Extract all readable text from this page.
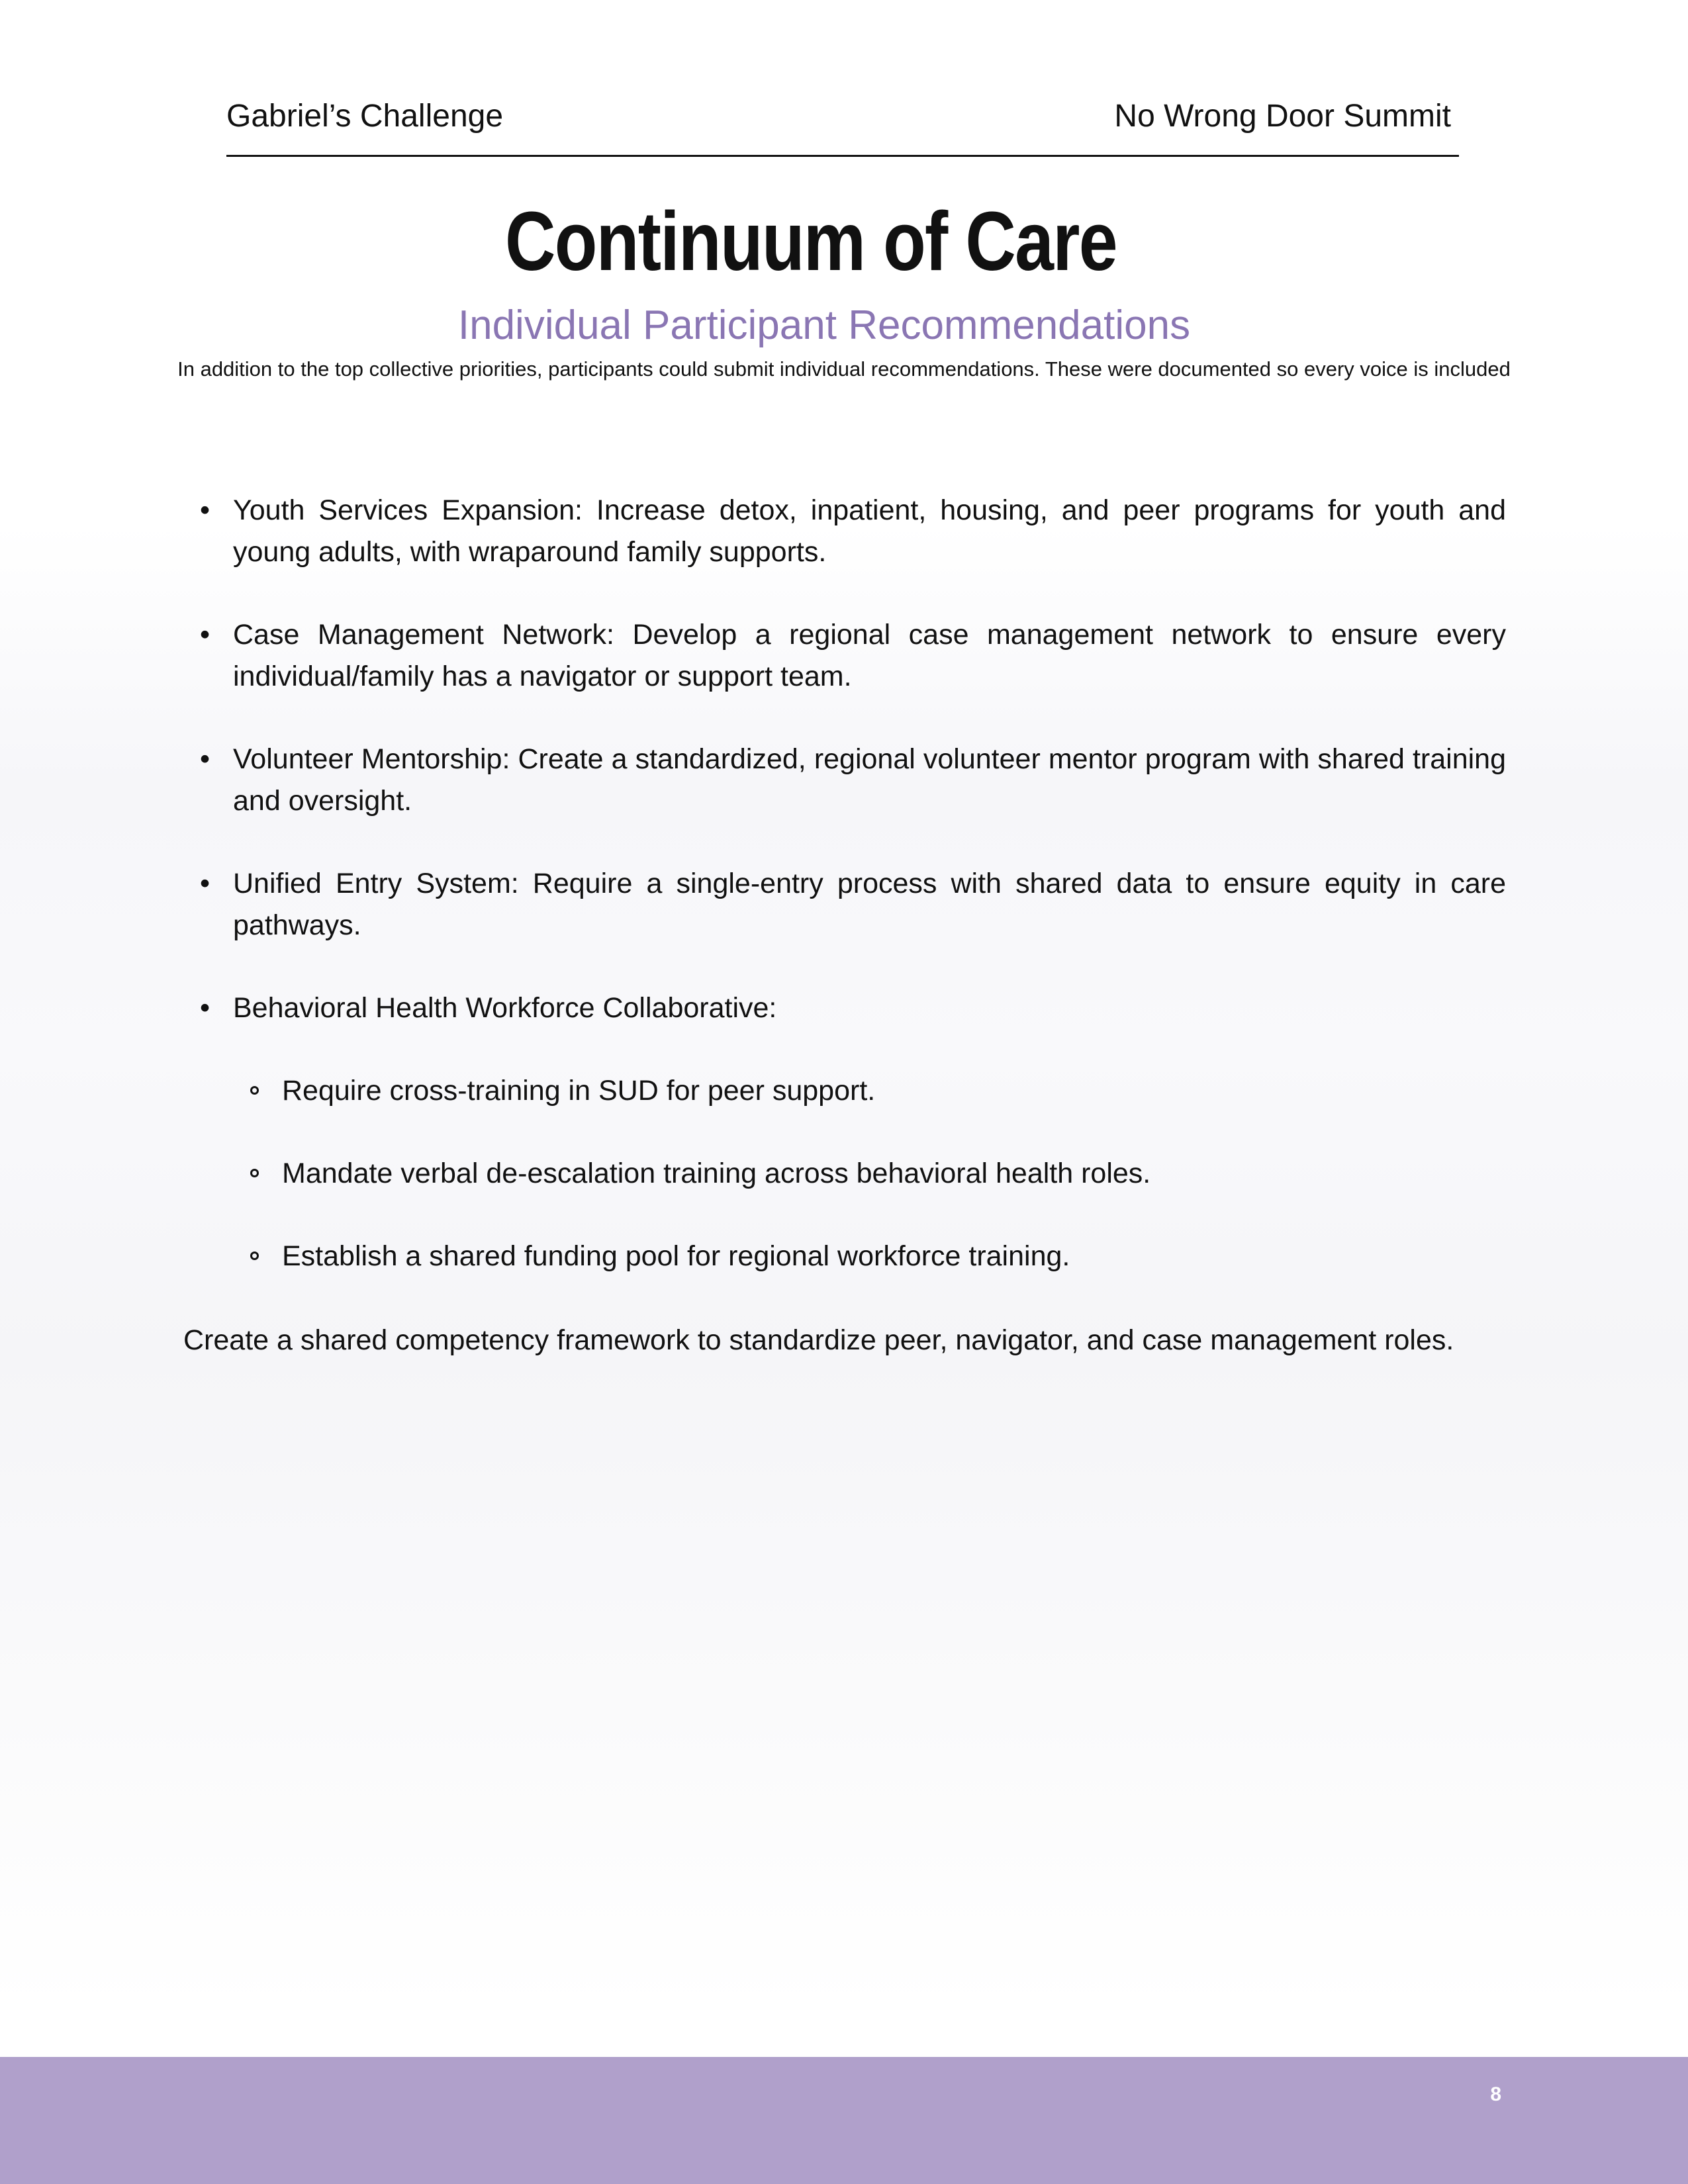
Gabriel’s Challenge	No Wrong Door Summit
Continuum of Care
Individual Participant Recommendations
In addition to the top collective priorities, participants could submit individual recommendations. These were documented so every voice is included
• Youth Services Expansion: Increase detox, inpatient, housing, and peer programs for youth and young adults, with wraparound family supports.
• Case Management Network: Develop a regional case management network to ensure every individual/family has a navigator or support team.
• Volunteer Mentorship: Create a standardized, regional volunteer mentor program with shared training and oversight.
• Unified Entry System: Require a single-entry process with shared data to ensure equity in care pathways.
• Behavioral Health Workforce Collaborative:
Require cross-training in SUD for peer support.
Mandate verbal de-escalation training across behavioral health roles.
Establish a shared funding pool for regional workforce training.
Create a shared competency framework to standardize peer, navigator, and case management roles.
8
